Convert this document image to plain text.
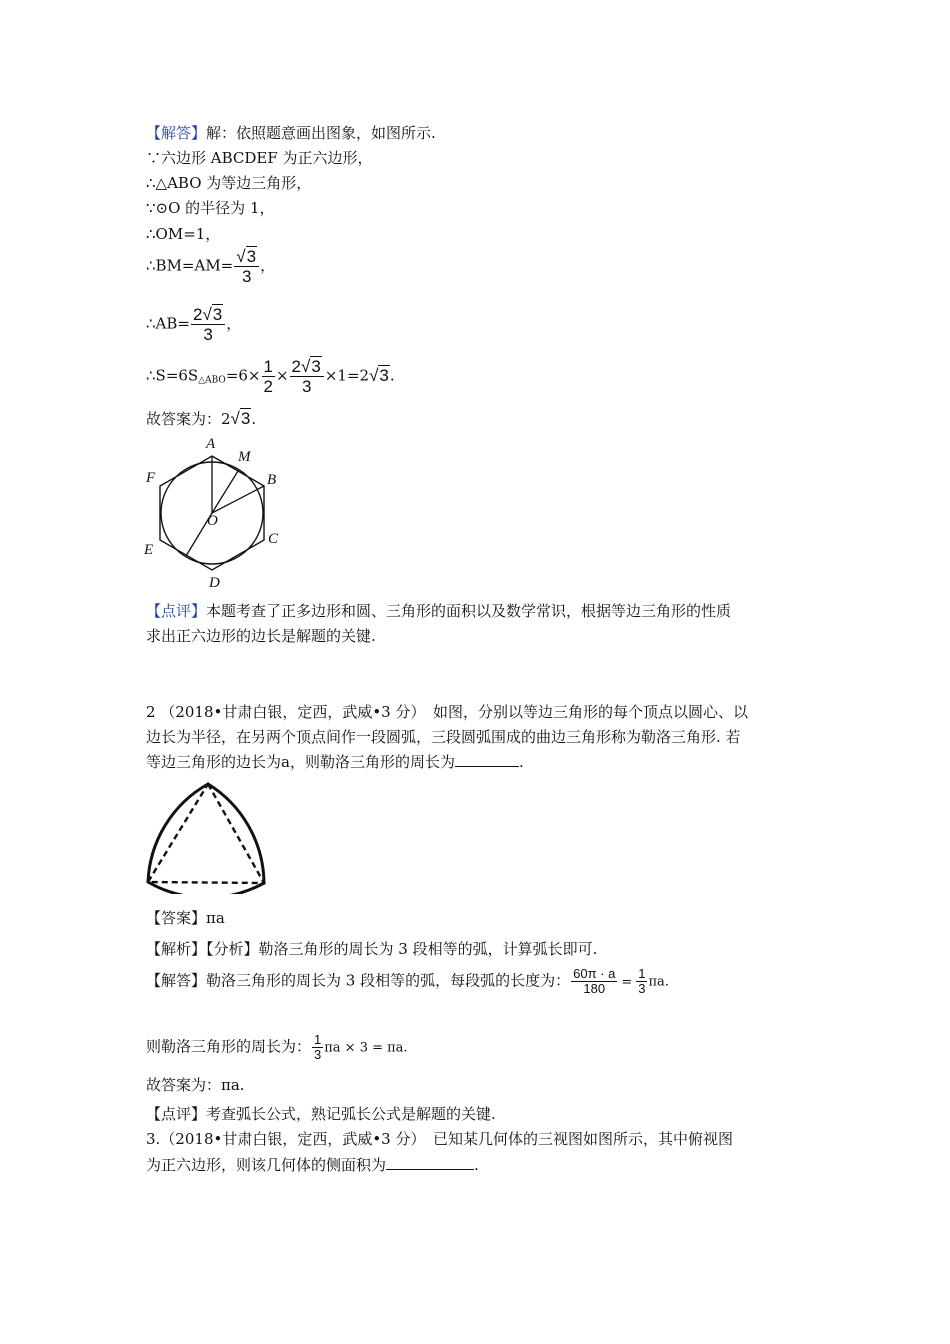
【解答】解：依照题意画出图象，如图所示.
∵六边形 ABCDEF 为正六边形，
∴△ABO 为等边三角形，
∵⊙O 的半径为 1，
∴OM=1，
∴BM=AM= $\frac{√3}{3}$ ，
∴AB= $\frac{2√3}{3}$ ，
$\therefore S=6S_{\triangle ABO}=6\times \frac{1}{2} \times \frac{2√3}{3} \times 1=2√3$.
故答案为：2√3.
A
M
B
C
D
E
F
O
【点评】本题考查了正多边形和圆、三角形的面积以及数学常识，根据等边三角形的性质
求出正六边形的边长是解题的关键.
2 （2018•甘肃白银，定西，武威•3 分）　如图，分别以等边三角形的每个顶点以圆心、以
边长为半径，在另两个顶点间作一段圆弧，三段圆弧围成的曲边三角形称为勒洛三角形. 若
等边三角形的边长为a，则勒洛三角形的周长为	.
【答案】πa
【解析】【分析】勒洛三角形的周长为 3 段相等的弧，计算弧长即可.
【解答】勒洛三角形的周长为 3 段相等的弧，每段弧的长度为： $\frac{60\pi \cdot a}{180} = \frac{1}{3} \pi a$.
则勒洛三角形的周长为： $\frac{1}{3}$ πa × 3 = πa.
故答案为：πa.
【点评】考查弧长公式，熟记弧长公式是解题的关键.
3.（2018•甘肃白银，定西，武威•3 分）　已知某几何体的三视图如图所示，其中俯视图
为正六边形，则该几何体的侧面积为	.
